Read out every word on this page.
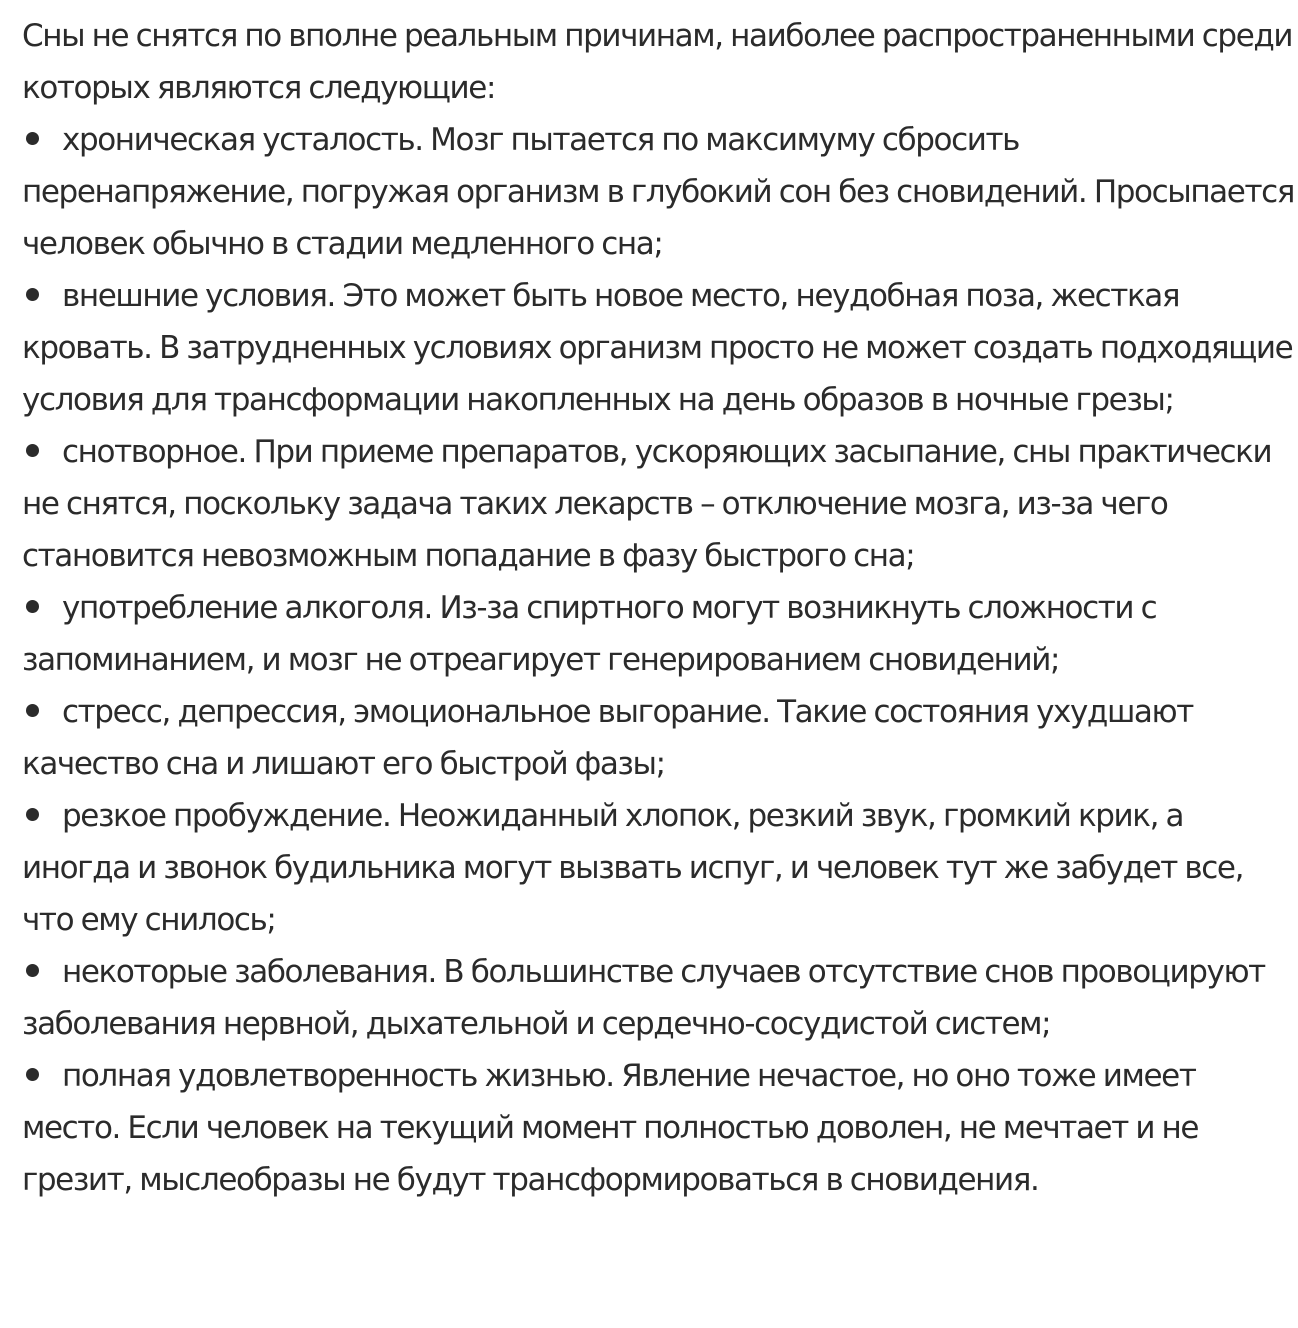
Сны не снятся по вполне реальным причинам, наиболее распространенными среди которых являются следующие:

хроническая усталость. Мозг пытается по максимуму сбросить перенапряжение, погружая организм в глубокий сон без сновидений. Просыпается человек обычно в стадии медленного сна;
внешние условия. Это может быть новое место, неудобная поза, жесткая кровать. В затрудненных условиях организм просто не может создать подходящие условия для трансформации накопленных на день образов в ночные грезы;
снотворное. При приеме препаратов, ускоряющих засыпание, сны практически не снятся, поскольку задача таких лекарств – отключение мозга, из-за чего становится невозможным попадание в фазу быстрого сна;
употребление алкоголя. Из-за спиртного могут возникнуть сложности с запоминанием, и мозг не отреагирует генерированием сновидений;
стресс, депрессия, эмоциональное выгорание. Такие состояния ухудшают качество сна и лишают его быстрой фазы;
резкое пробуждение. Неожиданный хлопок, резкий звук, громкий крик, а иногда и звонок будильника могут вызвать испуг, и человек тут же забудет все, что ему снилось;
некоторые заболевания. В большинстве случаев отсутствие снов провоцируют заболевания нервной, дыхательной и сердечно-сосудистой систем;
полная удовлетворенность жизнью. Явление нечастое, но оно тоже имеет место. Если человек на текущий момент полностью доволен, не мечтает и не грезит, мыслеобразы не будут трансформироваться в сновидения.
